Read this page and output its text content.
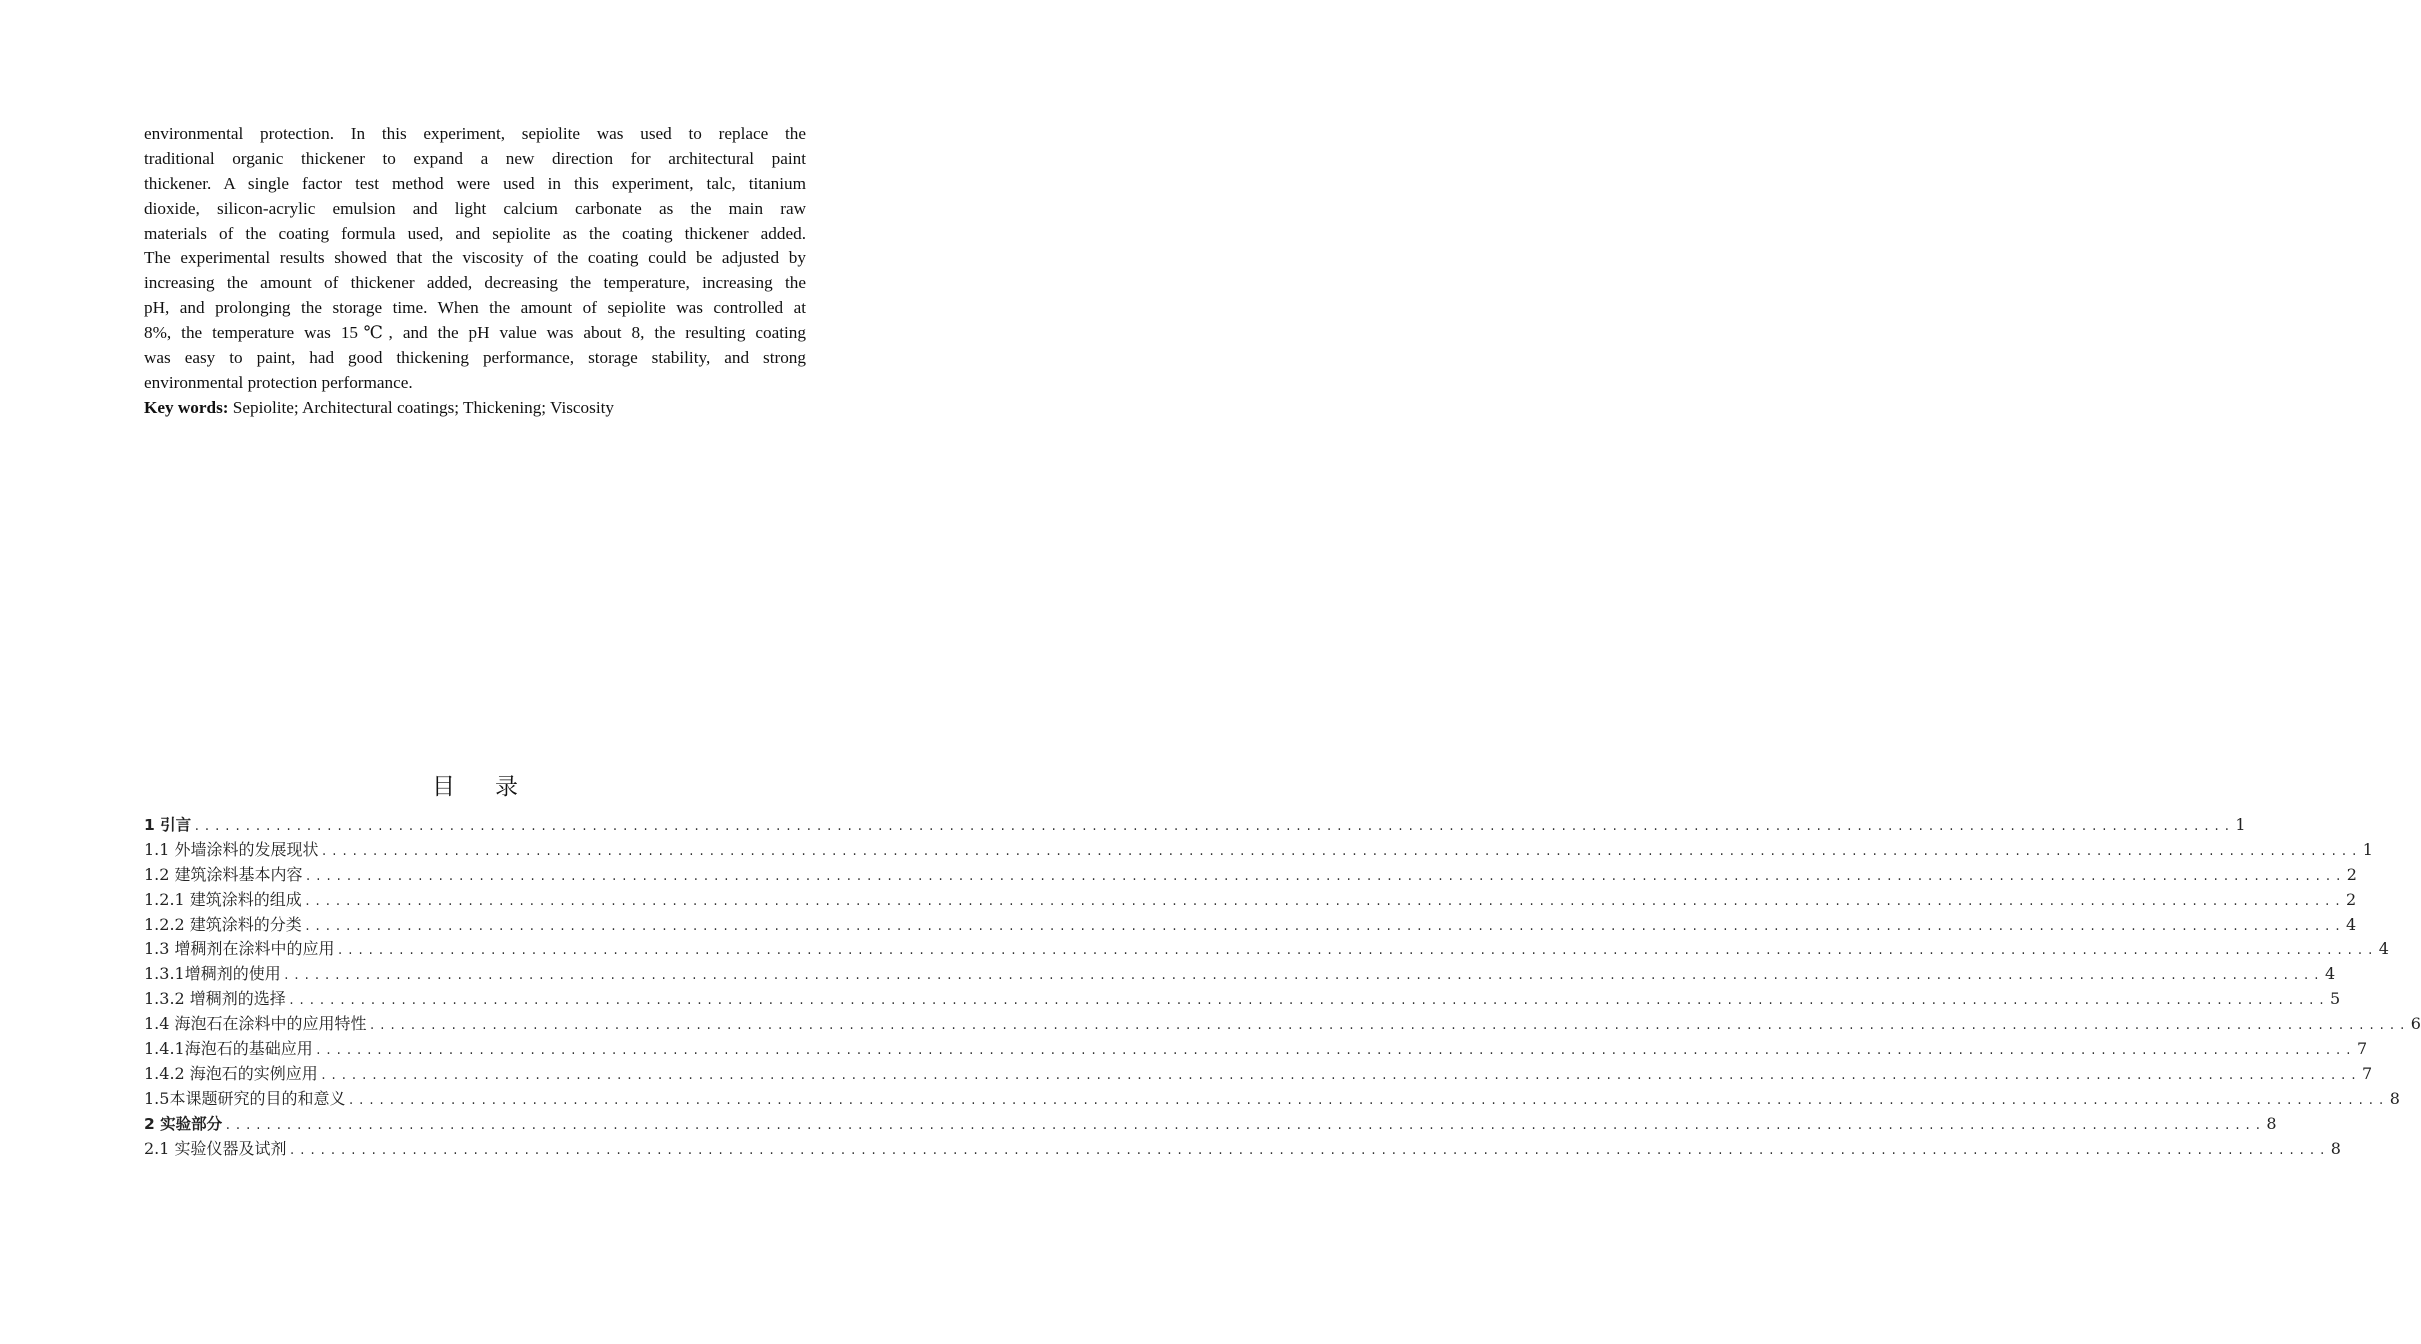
environmental protection. In this experiment, sepiolite was used to replace the
traditional organic thickener to expand a new direction for architectural paint
thickener. A single factor test method were used in this experiment, talc, titanium
dioxide, silicon-acrylic emulsion and light calcium carbonate as the main raw
materials of the coating formula used, and sepiolite as the coating thickener added.
The experimental results showed that the viscosity of the coating could be adjusted by
increasing the amount of thickener added, decreasing the temperature, increasing the
pH, and prolonging the storage time. When the amount of sepiolite was controlled at
8%, the temperature was 15℃, and the pH value was about 8, the resulting coating
was easy to paint, had good thickening performance, storage stability, and strong
environmental protection performance.
Key words: Sepiolite; Architectural coatings; Thickening; Viscosity
目 录
1 引言 ........................................................................................................................................................................................................ 1
1.1 外墙涂料的发展现状 ........................................................................................................................................................................................................ 1
1.2 建筑涂料基本内容 ........................................................................................................................................................................................................ 2
1.2.1 建筑涂料的组成 ........................................................................................................................................................................................................ 2
1.2.2 建筑涂料的分类 ........................................................................................................................................................................................................ 4
1.3 增稠剂在涂料中的应用 ........................................................................................................................................................................................................ 4
1.3.1增稠剂的使用 ........................................................................................................................................................................................................ 4
1.3.2 增稠剂的选择 ........................................................................................................................................................................................................ 5
1.4 海泡石在涂料中的应用特性 ........................................................................................................................................................................................................ 6
1.4.1海泡石的基础应用 ........................................................................................................................................................................................................ 7
1.4.2 海泡石的实例应用 ........................................................................................................................................................................................................ 7
1.5本课题研究的目的和意义 ........................................................................................................................................................................................................ 8
2 实验部分 ........................................................................................................................................................................................................ 8
2.1 实验仪器及试剂 ........................................................................................................................................................................................................ 8
